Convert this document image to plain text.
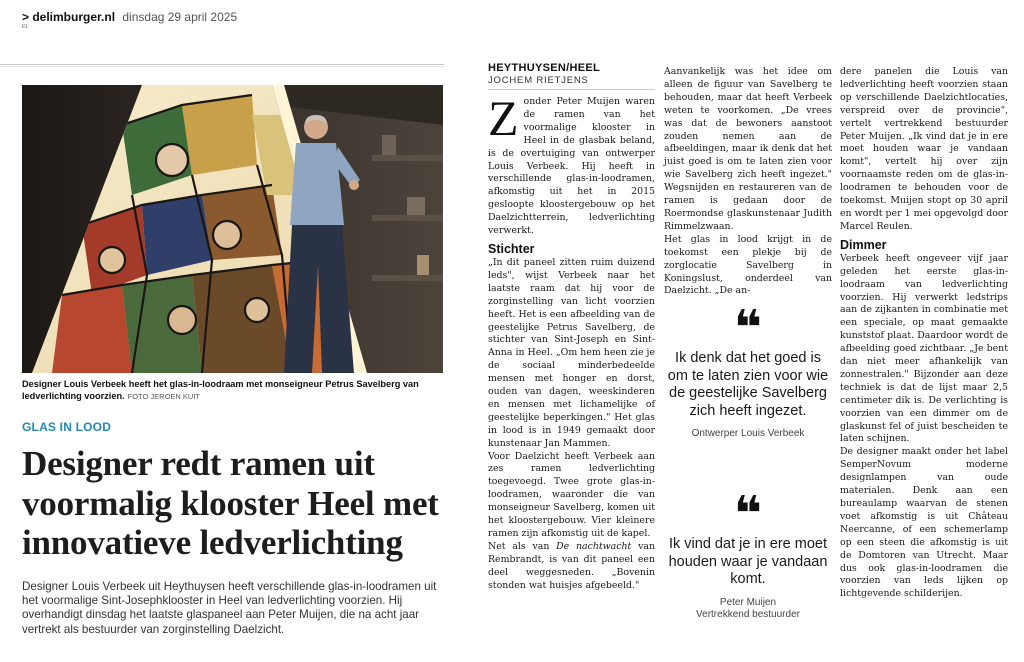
> delimburger.nl dinsdag 29 april 2025
ĐL
Designer Louis Verbeek heeft het glas-in-loodraam met monseigneur Petrus Savelberg van ledverlichting voorzien. FOTO JEROEN KUIT
GLAS IN LOOD
Designer redt ramen uit voormalig klooster Heel met innovatieve ledverlichting

Designer Louis Verbeek uit Heythuysen heeft verschillende glas-in-loodramen uit het voormalige Sint-Josephklooster in Heel van ledverlichting voorzien. Hij overhandigt dinsdag het laatste glaspaneel aan Peter Muijen, die na acht jaar vertrekt als bestuurder van zorginstelling Daelzicht.

HEYTHUYSEN/HEEL
JOCHEM RIETJENS

Zonder Peter Muijen waren de ramen van het voormalige klooster in Heel in de glasbak beland, is de overtuiging van ontwerper Louis Verbeek. Hij heeft in verschillende glas-in-loodramen, afkomstig uit het in 2015 gesloopte kloostergebouw op het Daelzichtterrein, ledverlichting verwerkt.

Stichter

„In dit paneel zitten ruim duizend leds", wijst Verbeek naar het laatste raam dat hij voor de zorginstelling van licht voorzien heeft. Het is een afbeelding van de geestelijke Petrus Savelberg, de stichter van Sint-Joseph en Sint-Anna in Heel. „Om hem heen zie je de sociaal minderbedeelde mensen met honger en dorst, ouden van dagen, weeskinderen en mensen met lichamelijke of geestelijke beperkingen." Het glas in lood is in 1949 gemaakt door kunstenaar Jan Mammen.

Voor Daelzicht heeft Verbeek aan zes ramen ledverlichting toegevoegd. Twee grote glas-in-loodramen, waaronder die van monseigneur Savelberg, komen uit het kloostergebouw. Vier kleinere ramen zijn afkomstig uit de kapel.

Net als van De nachtwacht van Rembrandt, is van dit paneel een deel weggesneden. „Bovenin stonden wat huisjes afgebeeld."

Aanvankelijk was het idee om alleen de figuur van Savelberg te behouden, maar dat heeft Verbeek weten te voorkomen. „De vrees was dat de bewoners aanstoot zouden nemen aan de afbeeldingen, maar ik denk dat het juist goed is om te laten zien voor wie Savelberg zich heeft ingezet." Wegsnijden en restaureren van de ramen is gedaan door de Roermondse glaskunstenaar Judith Rimmelzwaan.

Het glas in lood krijgt in de toekomst een plekje bij de zorglocatie Savelberg in Koningslust, onderdeel van Daelzicht. „De an-

❝
Ik denk dat het goed is om te laten zien voor wie de geestelijke Savelberg zich heeft ingezet.
Ontwerper Louis Verbeek
❝
Ik vind dat je in ere moet houden waar je vandaan komt.
Peter Muijen
Vertrekkend bestuurder

dere panelen die Louis van ledverlichting heeft voorzien staan op verschillende Daelzichtlocaties, verspreid over de provincie", vertelt vertrekkend bestuurder Peter Muijen. „Ik vind dat je in ere moet houden waar je vandaan komt", vertelt hij over zijn voornaamste reden om de glas-in-loodramen te behouden voor de toekomst. Muijen stopt op 30 april en wordt per 1 mei opgevolgd door Marcel Reulen.

Dimmer

Verbeek heeft ongeveer vijf jaar geleden het eerste glas-in-loodraam van ledverlichting voorzien. Hij verwerkt ledstrips aan de zijkanten in combinatie met een speciale, op maat gemaakte kunststof plaat. Daardoor wordt de afbeelding goed zichtbaar. „Je bent dan niet meer afhankelijk van zonnestralen." Bijzonder aan deze techniek is dat de lijst maar 2,5 centimeter dik is. De verlichting is voorzien van een dimmer om de glaskunst fel of juist bescheiden te laten schijnen.

De designer maakt onder het label SemperNovum moderne designlampen van oude materialen. Denk aan een bureaulamp waarvan de stenen voet afkomstig is uit Château Neercanne, of een schemerlamp op een steen die afkomstig is uit de Domtoren van Utrecht. Maar dus ook glas-in-loodramen die voorzien van leds lijken op lichtgevende schilderijen.
